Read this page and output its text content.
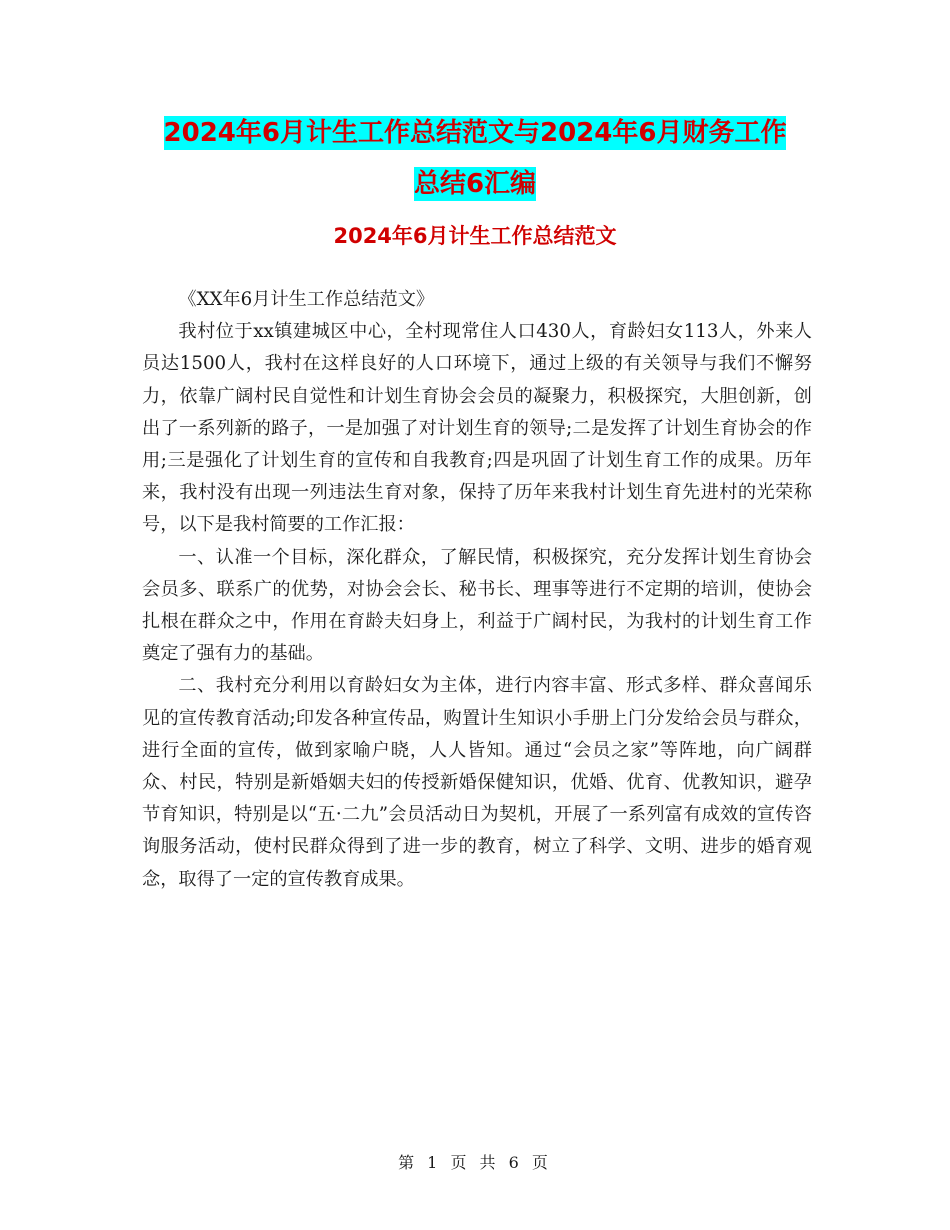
2024年6月计生工作总结范文与2024年6月财务工作
总结6汇编
2024年6月计生工作总结范文

《XX年6月计生工作总结范文》

我村位于xx镇建城区中心，全村现常住人口430人，育龄妇女113人，外来人员达1500人，我村在这样良好的人口环境下，通过上级的有关领导与我们不懈努力，依靠广阔村民自觉性和计划生育协会会员的凝聚力，积极探究，大胆创新，创出了一系列新的路子，一是加强了对计划生育的领导;二是发挥了计划生育协会的作用;三是强化了计划生育的宣传和自我教育;四是巩固了计划生育工作的成果。历年来，我村没有出现一列违法生育对象，保持了历年来我村计划生育先进村的光荣称号，以下是我村简要的工作汇报：

一、认准一个目标，深化群众，了解民情，积极探究，充分发挥计划生育协会会员多、联系广的优势，对协会会长、秘书长、理事等进行不定期的培训，使协会扎根在群众之中，作用在育龄夫妇身上，利益于广阔村民，为我村的计划生育工作奠定了强有力的基础。

二、我村充分利用以育龄妇女为主体，进行内容丰富、形式多样、群众喜闻乐见的宣传教育活动;印发各种宣传品，购置计生知识小手册上门分发给会员与群众，进行全面的宣传，做到家喻户晓，人人皆知。通过“会员之家”等阵地，向广阔群众、村民，特别是新婚姻夫妇的传授新婚保健知识，优婚、优育、优教知识，避孕节育知识，特别是以“五·二九”会员活动日为契机，开展了一系列富有成效的宣传咨询服务活动，使村民群众得到了进一步的教育，树立了科学、文明、进步的婚育观念，取得了一定的宣传教育成果。

第 1 页 共 6 页
